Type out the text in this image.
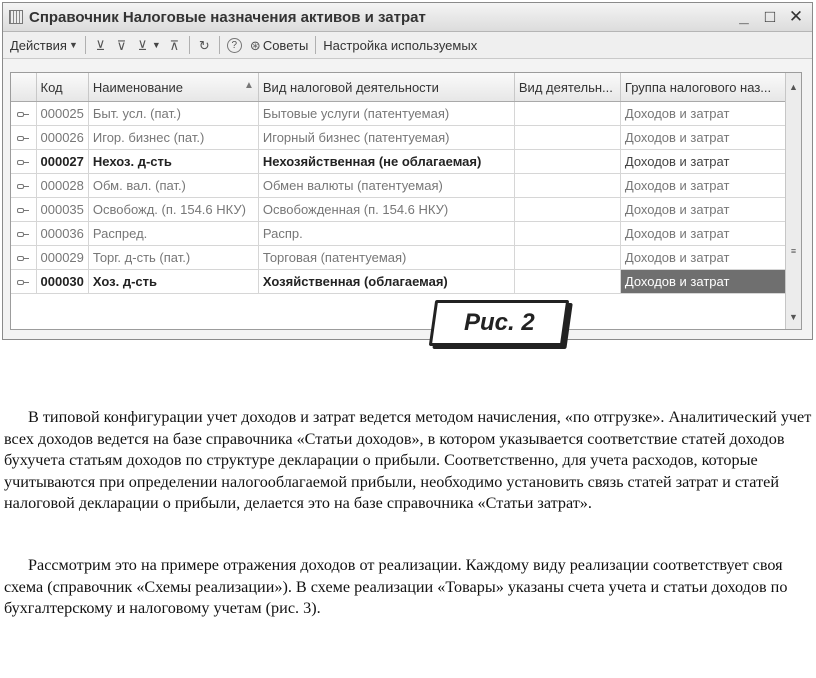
Справочник Налоговые назначения активов и затрат	_ □ ✕
Действия ▼ ⊻ ⊽ ⊻ ▼ ⊼ ↻	? ⊛ Советы Настройка используемых
	Код	Наименование ▲	Вид налоговой деятельности	Вид деятельн...	Группа налогового наз...
	000025	Быт. усл. (пат.)	Бытовые услуги (патентуемая)		Доходов и затрат
	000026	Игор. бизнес (пат.)	Игорный бизнес (патентуемая)		Доходов и затрат
	000027	Нехоз. д-сть	Нехозяйственная (не облагаемая)		Доходов и затрат
	000028	Обм. вал. (пат.)	Обмен валюты (патентуемая)		Доходов и затрат
	000035	Освобожд. (п. 154.6 НКУ)	Освобожденная (п. 154.6 НКУ)		Доходов и затрат
	000036	Распред.	Распр.		Доходов и затрат
	000029	Торг. д-сть (пат.)	Торговая (патентуемая)		Доходов и затрат
	000030	Хоз. д-сть	Хозяйственная (облагаемая)		Доходов и затрат

▲
≡
▼
Рис. 2

В типовой конфигурации учет доходов и затрат ведется методом начисления, «по отгрузке». Аналитический учет всех доходов ведется на базе справочника «Статьи доходов», в котором указывается соответствие статей доходов бухучета статьям доходов по структуре декларации о прибыли. Соответственно, для учета расходов, которые учитываются при определении налогооблагаемой прибыли, необходимо установить связь статей затрат и статей налоговой декларации о прибыли, делается это на базе справочника «Статьи затрат».

Рассмотрим это на примере отражения доходов от реализации. Каждому виду реализации соответствует своя схема (справочник «Схемы реализации»). В схеме реализации «Товары» указаны счета учета и статьи доходов по бухгалтерскому и налоговому учетам (рис. 3).
